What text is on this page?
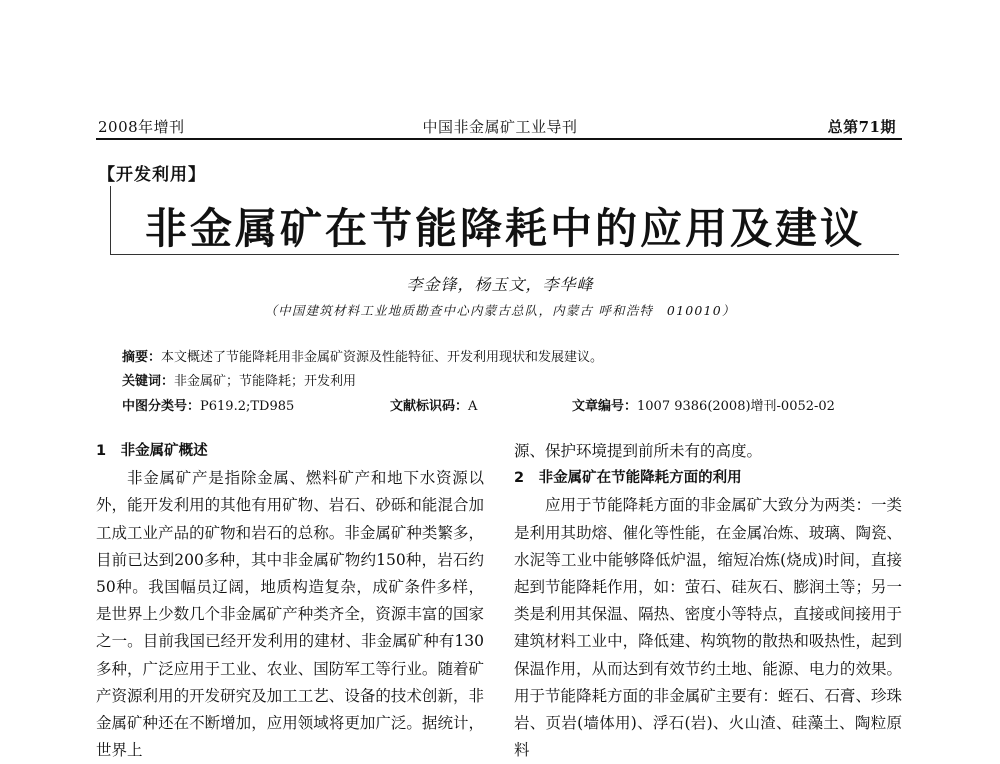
2008年增刊	中国非金属矿工业导刊	总第71期
【开发利用】
非金属矿在节能降耗中的应用及建议
李金锋，杨玉文，李华峰
（中国建筑材料工业地质勘查中心内蒙古总队，内蒙古 呼和浩特　010010）
摘要：本文概述了节能降耗用非金属矿资源及性能特征、开发利用现状和发展建议。
关键词：非金属矿；节能降耗；开发利用
中图分类号：P619.2;TD985	文献标识码：A	文章编号：1007 9386(2008)增刊-0052-02
1　非金属矿概述

非金属矿产是指除金属、燃料矿产和地下水资源以外，能开发利用的其他有用矿物、岩石、砂砾和能混合加工成工业产品的矿物和岩石的总称。非金属矿种类繁多，目前已达到200多种，其中非金属矿物约150种，岩石约50种。我国幅员辽阔，地质构造复杂，成矿条件多样，是世界上少数几个非金属矿产种类齐全，资源丰富的国家之一。目前我国已经开发利用的建材、非金属矿种有130多种，广泛应用于工业、农业、国防军工等行业。随着矿产资源利用的开发研究及加工工艺、设备的技术创新，非金属矿种还在不断增加，应用领域将更加广泛。据统计，世界上

源、保护环境提到前所未有的高度。

2　非金属矿在节能降耗方面的利用

应用于节能降耗方面的非金属矿大致分为两类：一类是利用其助熔、催化等性能，在金属冶炼、玻璃、陶瓷、水泥等工业中能够降低炉温，缩短冶炼(烧成)时间，直接起到节能降耗作用，如：萤石、硅灰石、膨润土等；另一类是利用其保温、隔热、密度小等特点，直接或间接用于建筑材料工业中，降低建、构筑物的散热和吸热性，起到保温作用，从而达到有效节约土地、能源、电力的效果。用于节能降耗方面的非金属矿主要有：蛭石、石膏、珍珠岩、页岩(墙体用)、浮石(岩)、火山渣、硅藻土、陶粒原料
